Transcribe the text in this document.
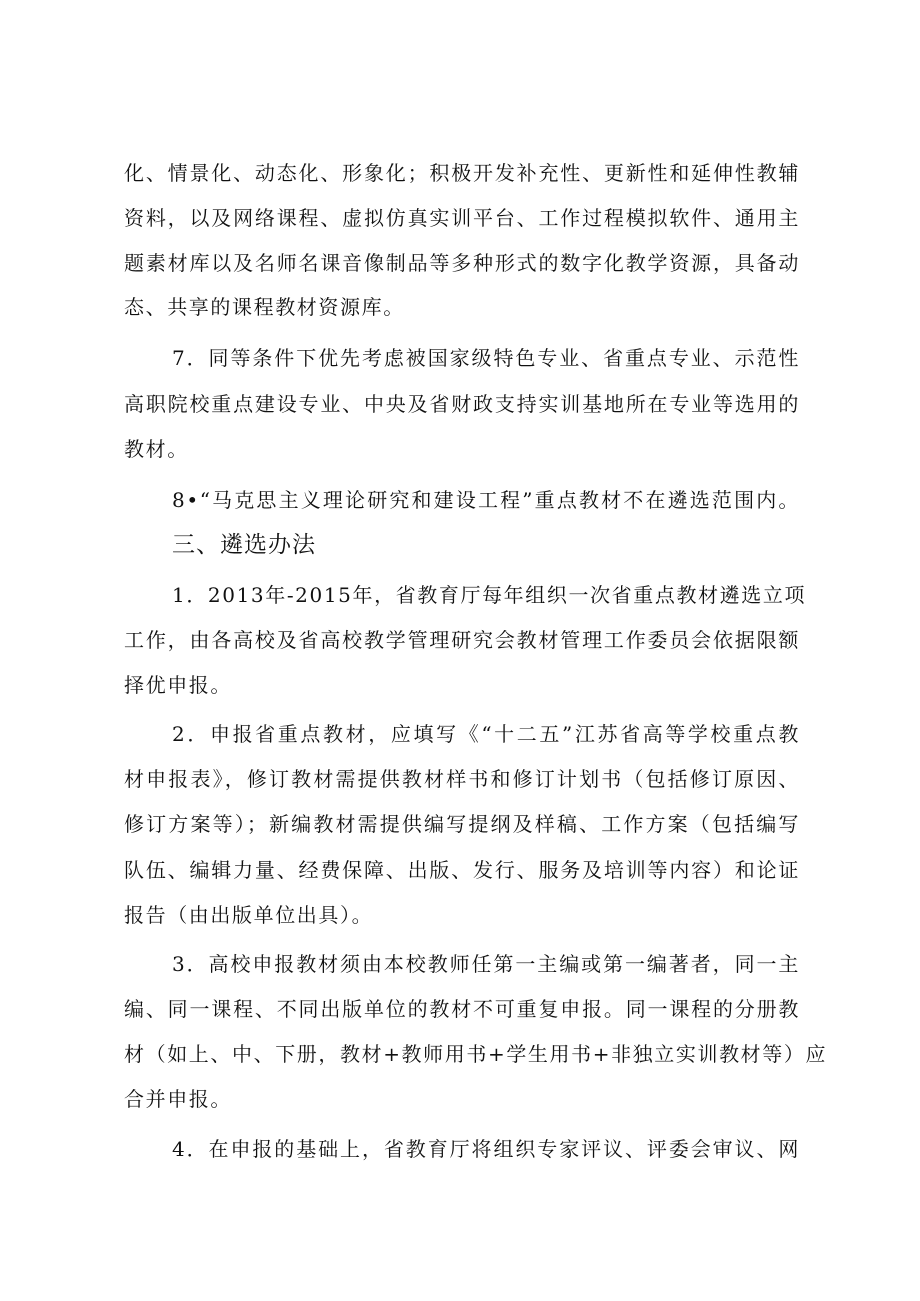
化、情景化、动态化、形象化；积极开发补充性、更新性和延伸性教辅
资料，以及网络课程、虚拟仿真实训平台、工作过程模拟软件、通用主
题素材库以及名师名课音像制品等多种形式的数字化教学资源，具备动
态、共享的课程教材资源库。
7．同等条件下优先考虑被国家级特色专业、省重点专业、示范性
高职院校重点建设专业、中央及省财政支持实训基地所在专业等选用的
教材。
8•“马克思主义理论研究和建设工程”重点教材不在遴选范围内。
三、遴选办法
1．2013年-2015年，省教育厅每年组织一次省重点教材遴选立项
工作，由各高校及省高校教学管理研究会教材管理工作委员会依据限额
择优申报。
2．申报省重点教材，应填写《“十二五”江苏省高等学校重点教
材申报表》，修订教材需提供教材样书和修订计划书（包括修订原因、
修订方案等）；新编教材需提供编写提纲及样稿、工作方案（包括编写
队伍、编辑力量、经费保障、出版、发行、服务及培训等内容）和论证
报告（由出版单位出具）。
3．高校申报教材须由本校教师任第一主编或第一编著者，同一主
编、同一课程、不同出版单位的教材不可重复申报。同一课程的分册教
材（如上、中、下册，教材+教师用书+学生用书+非独立实训教材等）应
合并申报。
4．在申报的基础上，省教育厅将组织专家评议、评委会审议、网
